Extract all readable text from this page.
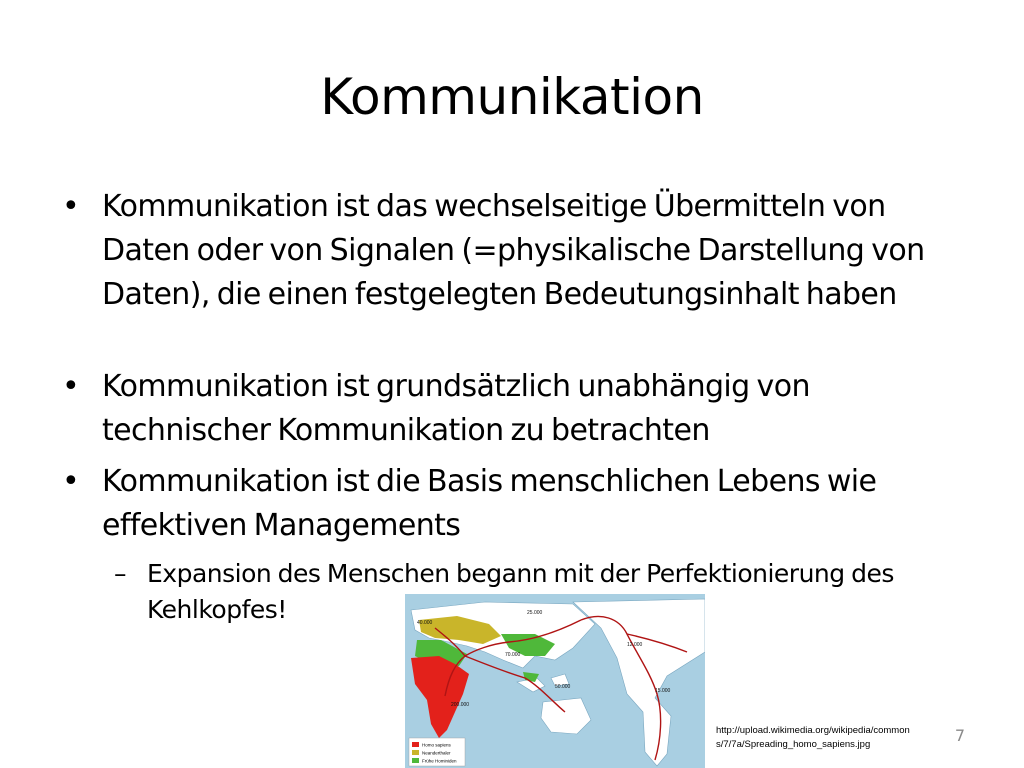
Kommunikation
• Kommunikation ist das wechselseitige Übermitteln von Daten oder von Signalen (=physikalische Darstellung von Daten), die einen festgelegten Bedeutungsinhalt haben
• Kommunikation ist grundsätzlich unabhängig von technischer Kommunikation zu betrachten
• Kommunikation ist die Basis menschlichen Lebens wie effektiven Managements
– Expansion des Menschen begann mit der Perfektionierung des Kehlkopfes!	40.000
25.000
12.000
70.000
200.000
15.000
50.000
Homo sapiens
Neanderthaler
Frühe Hominiden
http://upload.wikimedia.org/wikipedia/commons/7/7a/Spreading_homo_sapiens.jpg	7
